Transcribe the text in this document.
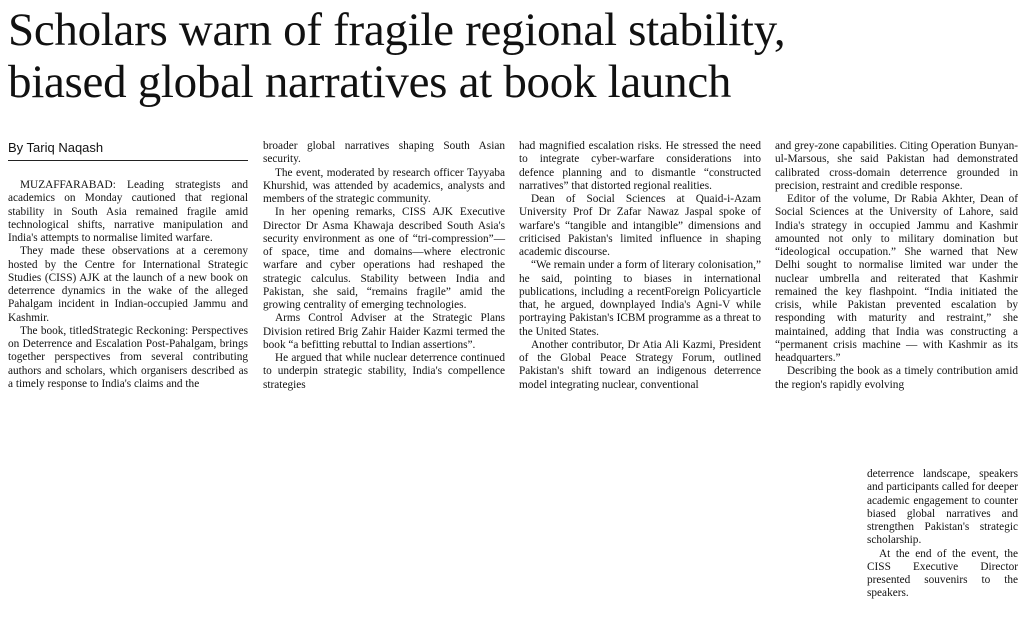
Scholars warn of fragile regional stability,
biased global narratives at book launch
By Tariq Naqash

MUZAFFARABAD: Leading strategists and academics on Monday cautioned that regional stability in South Asia remained fragile amid technological shifts, narrative manipulation and India's attempts to normalise limited warfare.

They made these observations at a ceremony hosted by the Centre for International Strategic Studies (CISS) AJK at the launch of a new book on deterrence dynamics in the wake of the alleged Pahalgam incident in Indian-occupied Jammu and Kashmir.

The book, titledStrategic Reckoning: Perspectives on Deterrence and Escalation Post-Pahalgam, brings together perspectives from several contributing authors and scholars, which organisers described as a timely response to India's claims and the

broader global narratives shaping South Asian security.

The event, moderated by research officer Tayyaba Khurshid, was attended by academics, analysts and members of the strategic community.

In her opening remarks, CISS AJK Executive Director Dr Asma Khawaja described South Asia's security environment as one of “tri-compression”— of space, time and domains—where electronic warfare and cyber operations had reshaped the strategic calculus. Stability between India and Pakistan, she said, “remains fragile” amid the growing centrality of emerging technologies.

Arms Control Adviser at the Strategic Plans Division retired Brig Zahir Haider Kazmi termed the book “a befitting rebuttal to Indian assertions”.

He argued that while nuclear deterrence continued to underpin strategic stability, India's compellence strategies

had magnified escalation risks. He stressed the need to integrate cyber-warfare considerations into defence planning and to dismantle “constructed narratives” that distorted regional realities.

Dean of Social Sciences at Quaid-i-Azam University Prof Dr Zafar Nawaz Jaspal spoke of warfare's “tangible and intangible” dimensions and criticised Pakistan's limited influence in shaping academic discourse.

“We remain under a form of literary colonisation,” he said, pointing to biases in international publications, including a recentForeign Policyarticle that, he argued, downplayed India's Agni-V while portraying Pakistan's ICBM programme as a threat to the United States.

Another contributor, Dr Atia Ali Kazmi, President of the Global Peace Strategy Forum, outlined Pakistan's shift toward an indigenous deterrence model integrating nuclear, conventional

and grey-zone capabilities. Citing Operation Bunyan-ul-Marsous, she said Pakistan had demonstrated calibrated cross-domain deterrence grounded in precision, restraint and credible response.

Editor of the volume, Dr Rabia Akhter, Dean of Social Sciences at the University of Lahore, said India's strategy in occupied Jammu and Kashmir amounted not only to military domination but “ideological occupation.” She warned that New Delhi sought to normalise limited war under the nuclear umbrella and reiterated that Kashmir remained the key flashpoint. “India initiated the crisis, while Pakistan prevented escalation by responding with maturity and restraint,” she maintained, adding that India was constructing a “permanent crisis machine — with Kashmir as its headquarters.”

Describing the book as a timely contribution amid the region's rapidly evolving

deterrence landscape, speakers and participants called for deeper academic engagement to counter biased global narratives and strengthen Pakistan's strategic scholarship.

At the end of the event, the CISS Executive Director presented souvenirs to the speakers.
